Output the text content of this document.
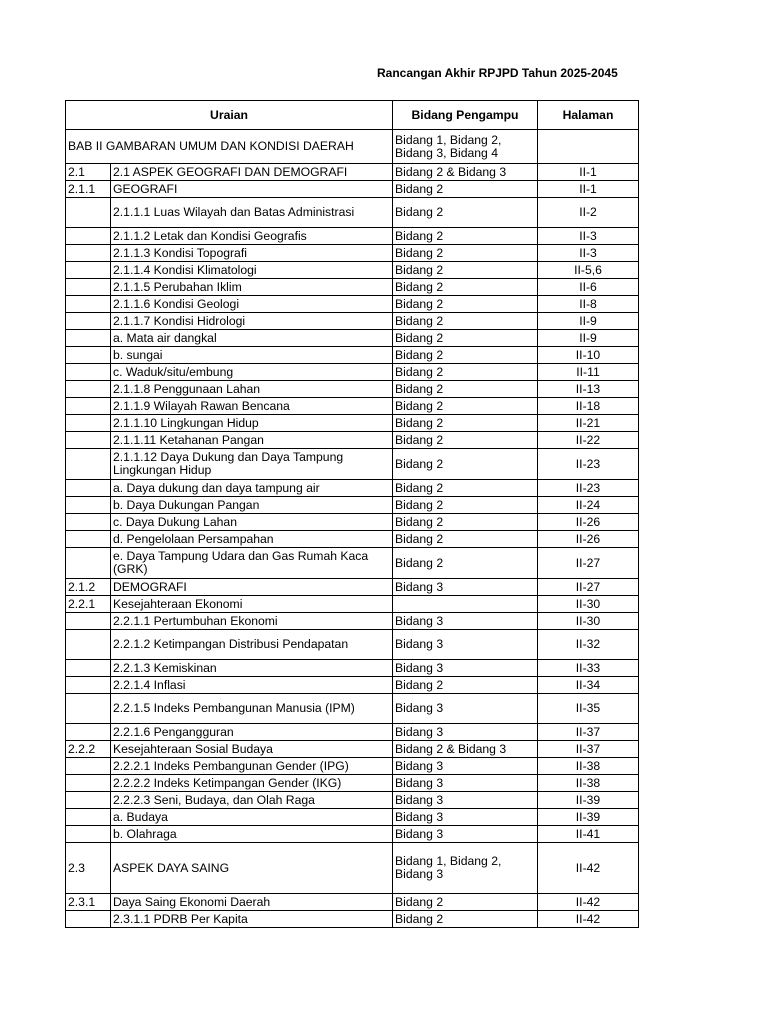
Rancangan Akhir RPJPD Tahun 2025-2045
Uraian		Bidang Pengampu	Halaman
BAB II GAMBARAN UMUM DAN KONDISI DAERAH		Bidang 1, Bidang 2, Bidang 3, Bidang 4	
2.1	2.1 ASPEK GEOGRAFI DAN DEMOGRAFI	Bidang 2 & Bidang 3	II-1
2.1.1	GEOGRAFI	Bidang 2	II-1
	2.1.1.1 Luas Wilayah dan Batas Administrasi	Bidang 2	II-2
	2.1.1.2 Letak dan Kondisi Geografis	Bidang 2	II-3
	2.1.1.3 Kondisi Topografi	Bidang 2	II-3
	2.1.1.4 Kondisi Klimatologi	Bidang 2	II-5,6
	2.1.1.5 Perubahan Iklim	Bidang 2	II-6
	2.1.1.6 Kondisi Geologi	Bidang 2	II-8
	2.1.1.7 Kondisi Hidrologi	Bidang 2	II-9
	a. Mata air dangkal	Bidang 2	II-9
	b. sungai	Bidang 2	II-10
	c. Waduk/situ/embung	Bidang 2	II-11
	2.1.1.8 Penggunaan Lahan	Bidang 2	II-13
	2.1.1.9 Wilayah Rawan Bencana	Bidang 2	II-18
	2.1.1.10 Lingkungan Hidup	Bidang 2	II-21
	2.1.1.11 Ketahanan Pangan	Bidang 2	II-22
	2.1.1.12 Daya Dukung dan Daya Tampung Lingkungan Hidup	Bidang 2	II-23
	a. Daya dukung dan daya tampung air	Bidang 2	II-23
	b. Daya Dukungan Pangan	Bidang 2	II-24
	c. Daya Dukung Lahan	Bidang 2	II-26
	d. Pengelolaan Persampahan	Bidang 2	II-26
	e. Daya Tampung Udara dan Gas Rumah Kaca (GRK)	Bidang 2	II-27
2.1.2	DEMOGRAFI	Bidang 3	II-27
2.2.1	Kesejahteraan Ekonomi		II-30
	2.2.1.1 Pertumbuhan Ekonomi	Bidang 3	II-30
	2.2.1.2 Ketimpangan Distribusi Pendapatan	Bidang 3	II-32
	2.2.1.3 Kemiskinan	Bidang 3	II-33
	2.2.1.4 Inflasi	Bidang 2	II-34
	2.2.1.5 Indeks Pembangunan Manusia (IPM)	Bidang 3	II-35
	2.2.1.6 Pengangguran	Bidang 3	II-37
2.2.2	Kesejahteraan Sosial Budaya	Bidang 2 & Bidang 3	II-37
	2.2.2.1 Indeks Pembangunan Gender (IPG)	Bidang 3	II-38
	2.2.2.2 Indeks Ketimpangan Gender (IKG)	Bidang 3	II-38
	2.2.2.3 Seni, Budaya, dan Olah Raga	Bidang 3	II-39
	a. Budaya	Bidang 3	II-39
	b. Olahraga	Bidang 3	II-41
2.3	ASPEK DAYA SAING	Bidang 1, Bidang 2, Bidang 3	II-42
2.3.1	Daya Saing Ekonomi Daerah	Bidang 2	II-42
	2.3.1.1 PDRB Per Kapita	Bidang 2	II-42
